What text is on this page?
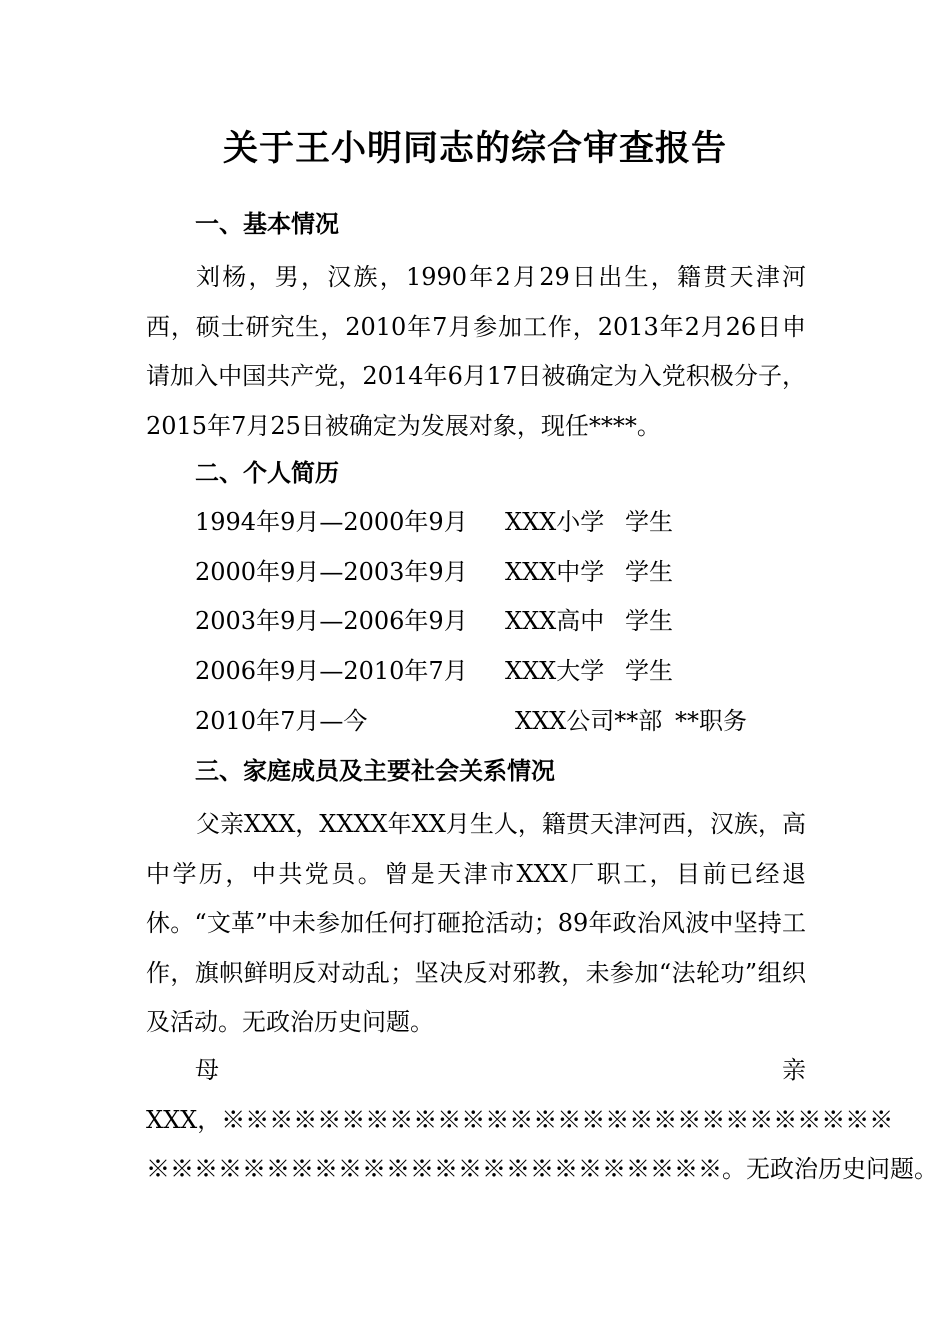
关于王小明同志的综合审查报告
一、基本情况
刘杨，男，汉族，1990年2月29日出生，籍贯天津河西，硕士研究生，2010年7月参加工作，2013年2月26日申请加入中国共产党，2014年6月17日被确定为入党积极分子，2015年7月25日被确定为发展对象，现任****。
二、个人简历
1994年9月—2000年9月 XXX小学 学生
2000年9月—2003年9月 XXX中学 学生
2003年9月—2006年9月 XXX高中 学生
2006年9月—2010年7月 XXX大学 学生
2010年7月—今	XXX公司**部 **职务
三、家庭成员及主要社会关系情况
父亲XXX，XXXX年XX月生人，籍贯天津河西，汉族，高中学历，中共党员。曾是天津市XXX厂职工，目前已经退休。“文革”中未参加任何打砸抢活动；89年政治风波中坚持工作，旗帜鲜明反对动乱；坚决反对邪教，未参加“法轮功”组织及活动。无政治历史问题。
母	亲
XXX，※※※※※※※※※※※※※※※※※※※※※※※※※※※※
※※※※※※※※※※※※※※※※※※※※※※※※。无政治历史问题。
